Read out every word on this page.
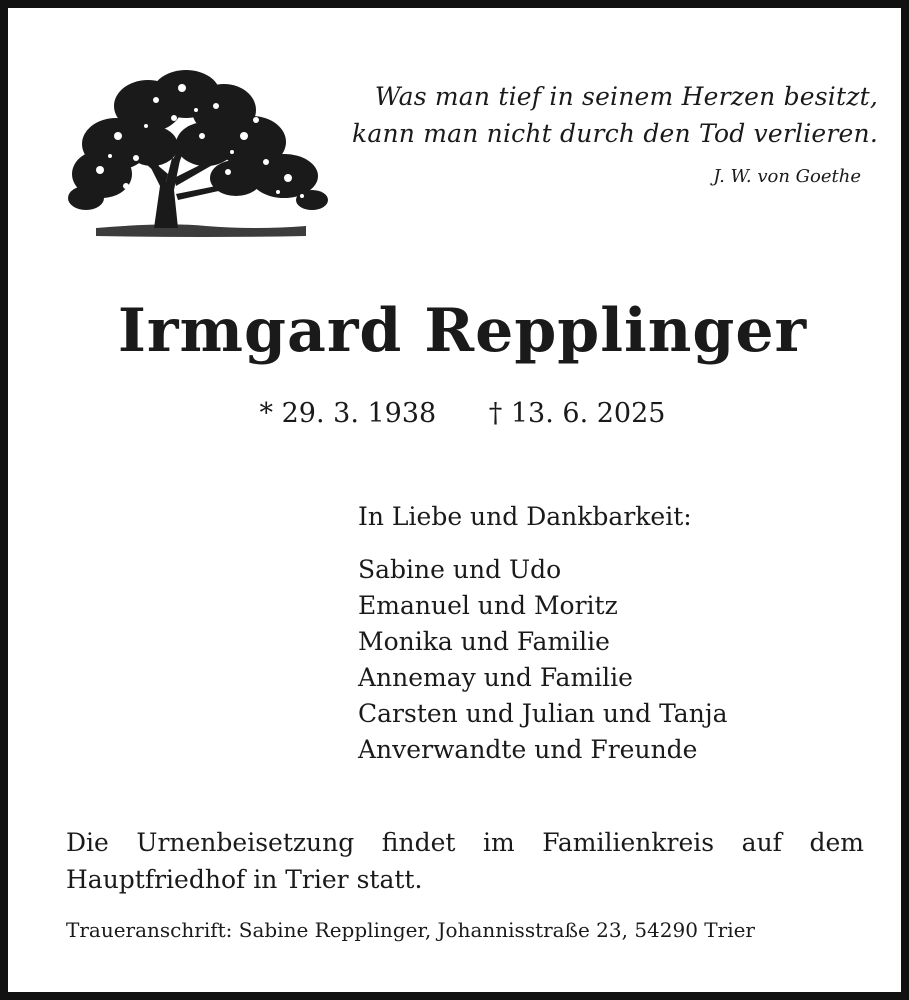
Was man tief in seinem Herzen besitzt,
kann man nicht durch den Tod verlieren.
J. W. von Goethe
Irmgard Repplinger
* 29. 3. 1938 † 13. 6. 2025
In Liebe und Dankbarkeit:
Sabine und Udo
Emanuel und Moritz
Monika und Familie
Annemay und Familie
Carsten und Julian und Tanja
Anverwandte und Freunde
Die Urnenbeisetzung findet im Familienkreis auf dem Hauptfriedhof in Trier statt.
Traueranschrift: Sabine Repplinger, Johannisstraße 23, 54290 Trier
